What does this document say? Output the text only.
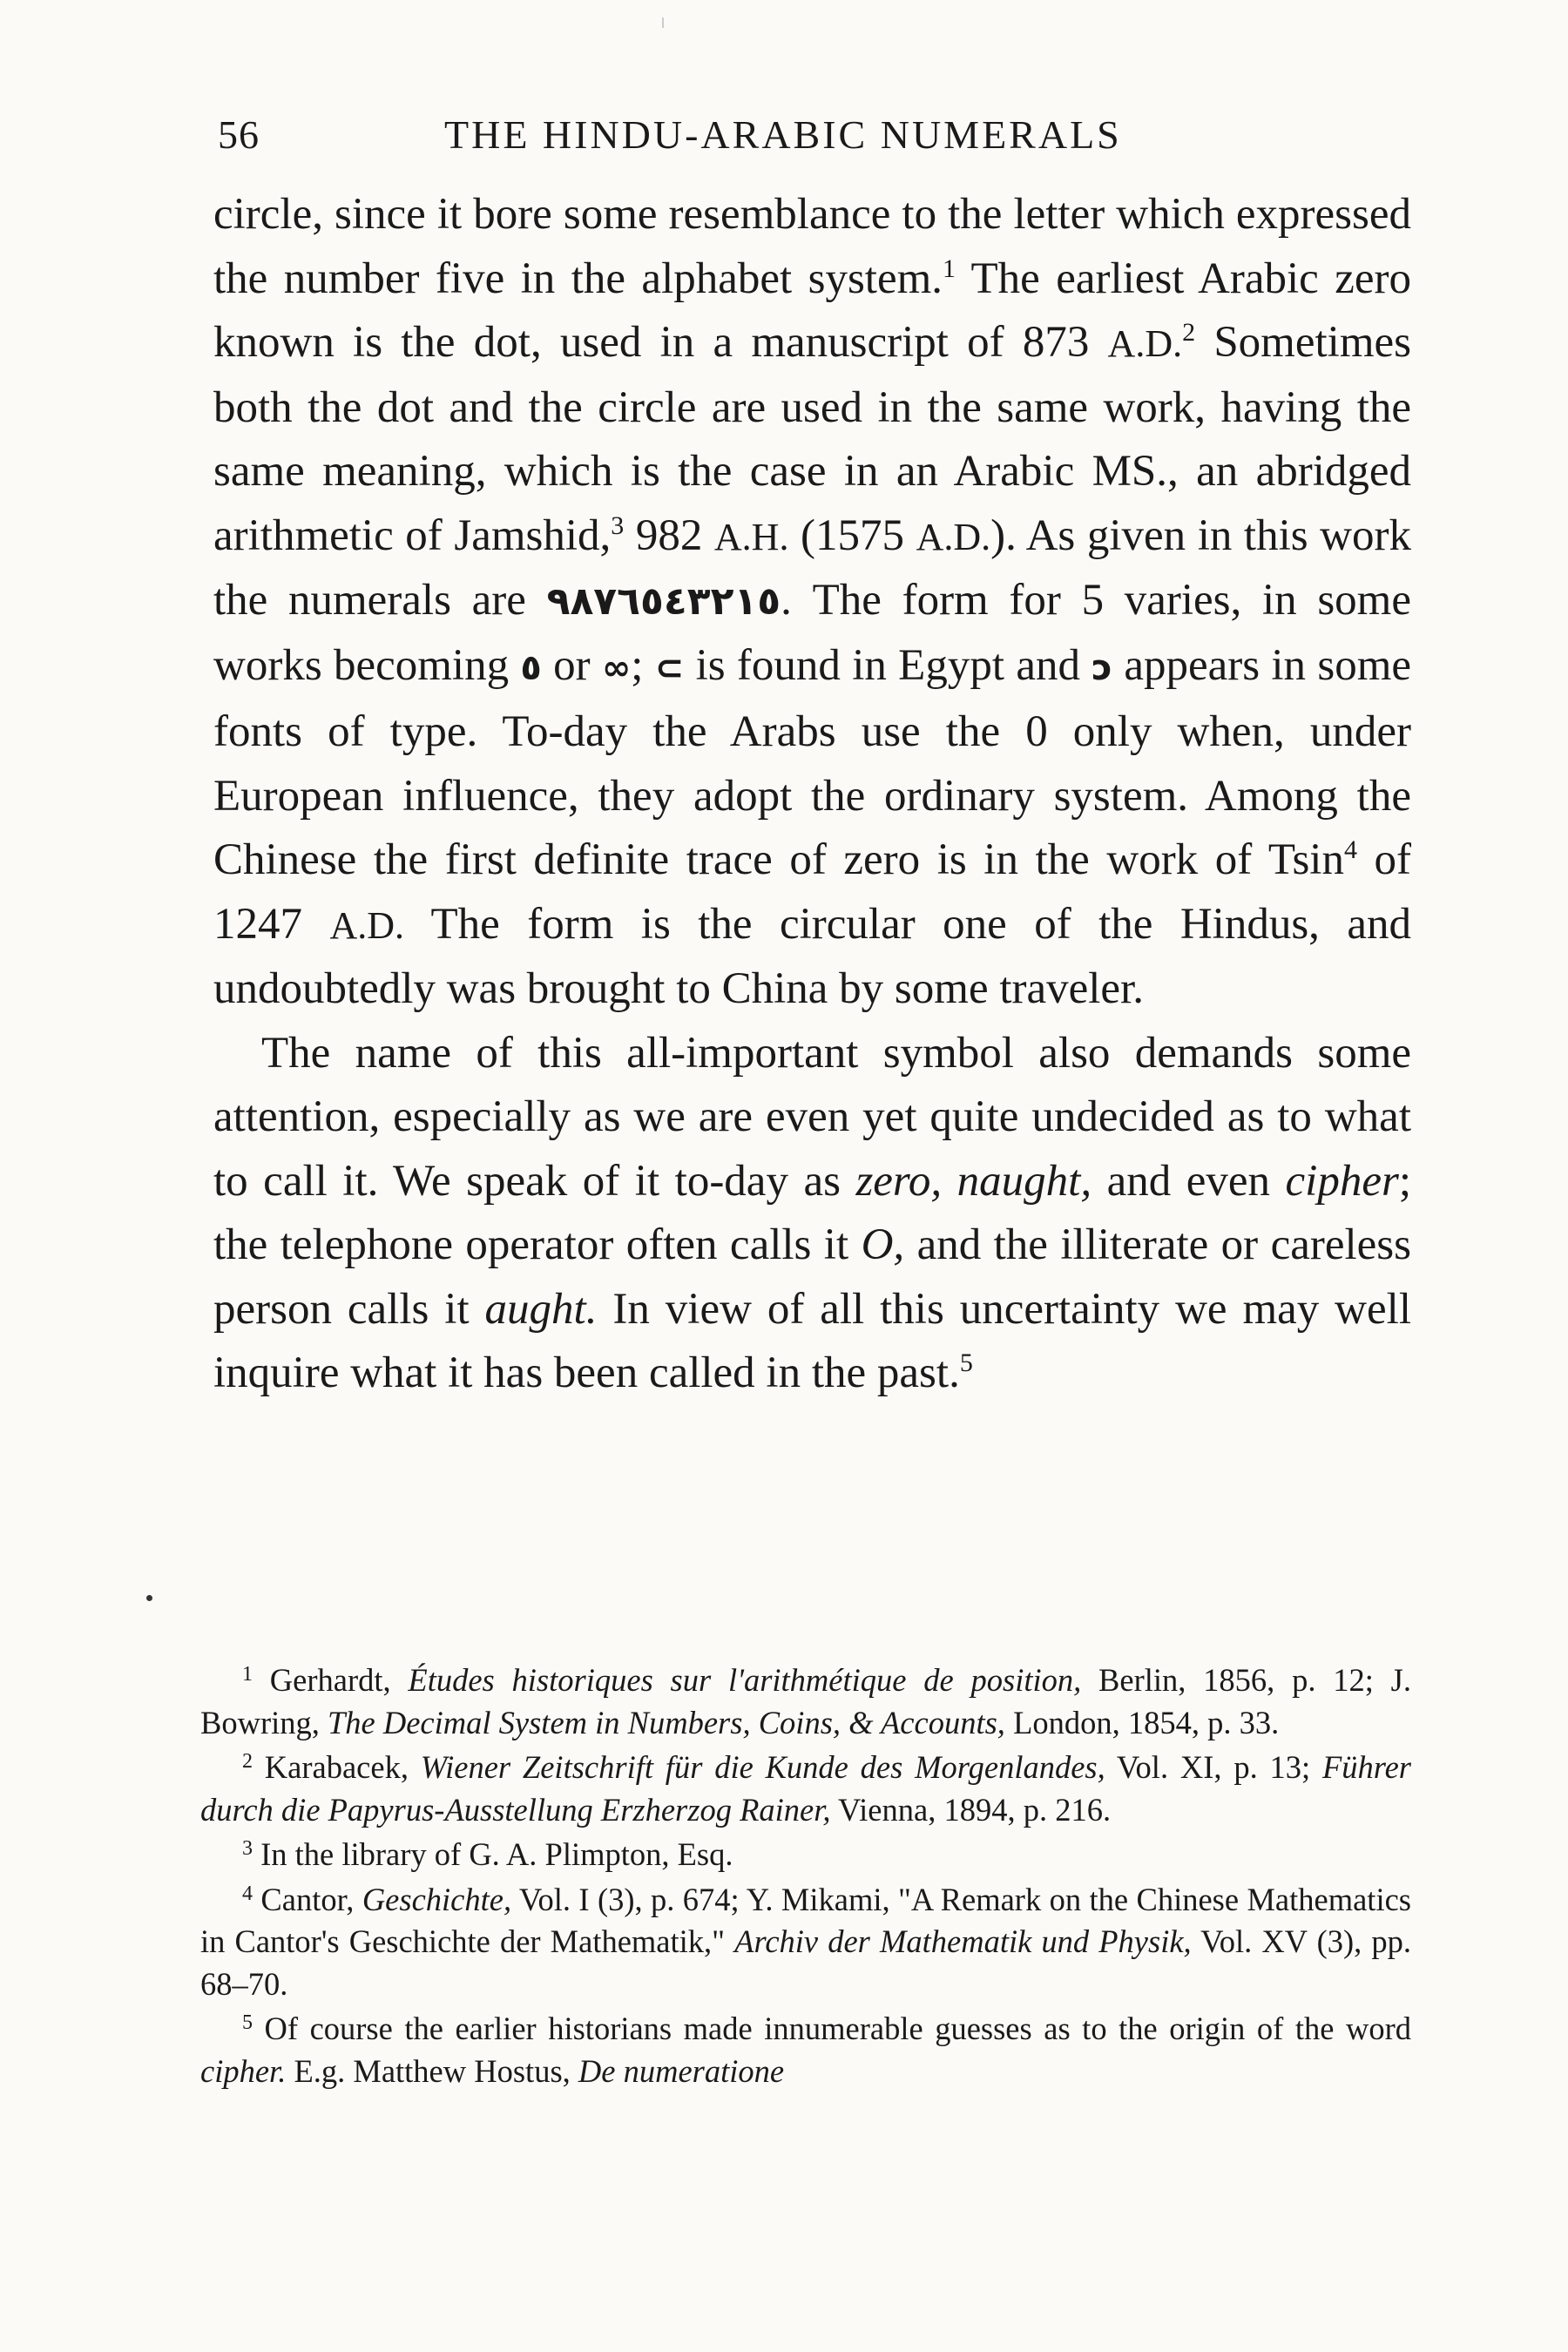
56	THE HINDU-ARABIC NUMERALS

circle, since it bore some resemblance to the letter which expressed the number five in the alphabet system.$^1$ The earliest Arabic zero known is the dot, used in a manuscript of 873 A.D.$^2$ Sometimes both the dot and the circle are used in the same work, having the same meaning, which is the case in an Arabic MS., an abridged arithmetic of Jamshid,$^3$ 982 A.H. (1575 A.D.). As given in this work the numerals are ٩٨٧٦٥٤٣٢١٥. The form for 5 varies, in some works becoming ٥ or ∞; ⊂ is found in Egypt and ɔ appears in some fonts of type. To-day the Arabs use the 0 only when, under European influence, they adopt the ordinary system. Among the Chinese the first definite trace of zero is in the work of Tsin$^4$ of 1247 A.D. The form is the circular one of the Hindus, and undoubtedly was brought to China by some traveler.

The name of this all-important symbol also demands some attention, especially as we are even yet quite undecided as to what to call it. We speak of it to-day as zero, naught, and even cipher; the telephone operator often calls it O, and the illiterate or careless person calls it aught. In view of all this uncertainty we may well inquire what it has been called in the past.$^5$

$^1$ Gerhardt, Études historiques sur l'arithmétique de position, Berlin, 1856, p. 12; J. Bowring, The Decimal System in Numbers, Coins, & Accounts, London, 1854, p. 33.

$^2$ Karabacek, Wiener Zeitschrift für die Kunde des Morgenlandes, Vol. XI, p. 13; Führer durch die Papyrus-Ausstellung Erzherzog Rainer, Vienna, 1894, p. 216.

$^3$ In the library of G. A. Plimpton, Esq.

$^4$ Cantor, Geschichte, Vol. I (3), p. 674; Y. Mikami, "A Remark on the Chinese Mathematics in Cantor's Geschichte der Mathematik," Archiv der Mathematik und Physik, Vol. XV (3), pp. 68–70.

$^5$ Of course the earlier historians made innumerable guesses as to the origin of the word cipher. E.g. Matthew Hostus, De numeratione
